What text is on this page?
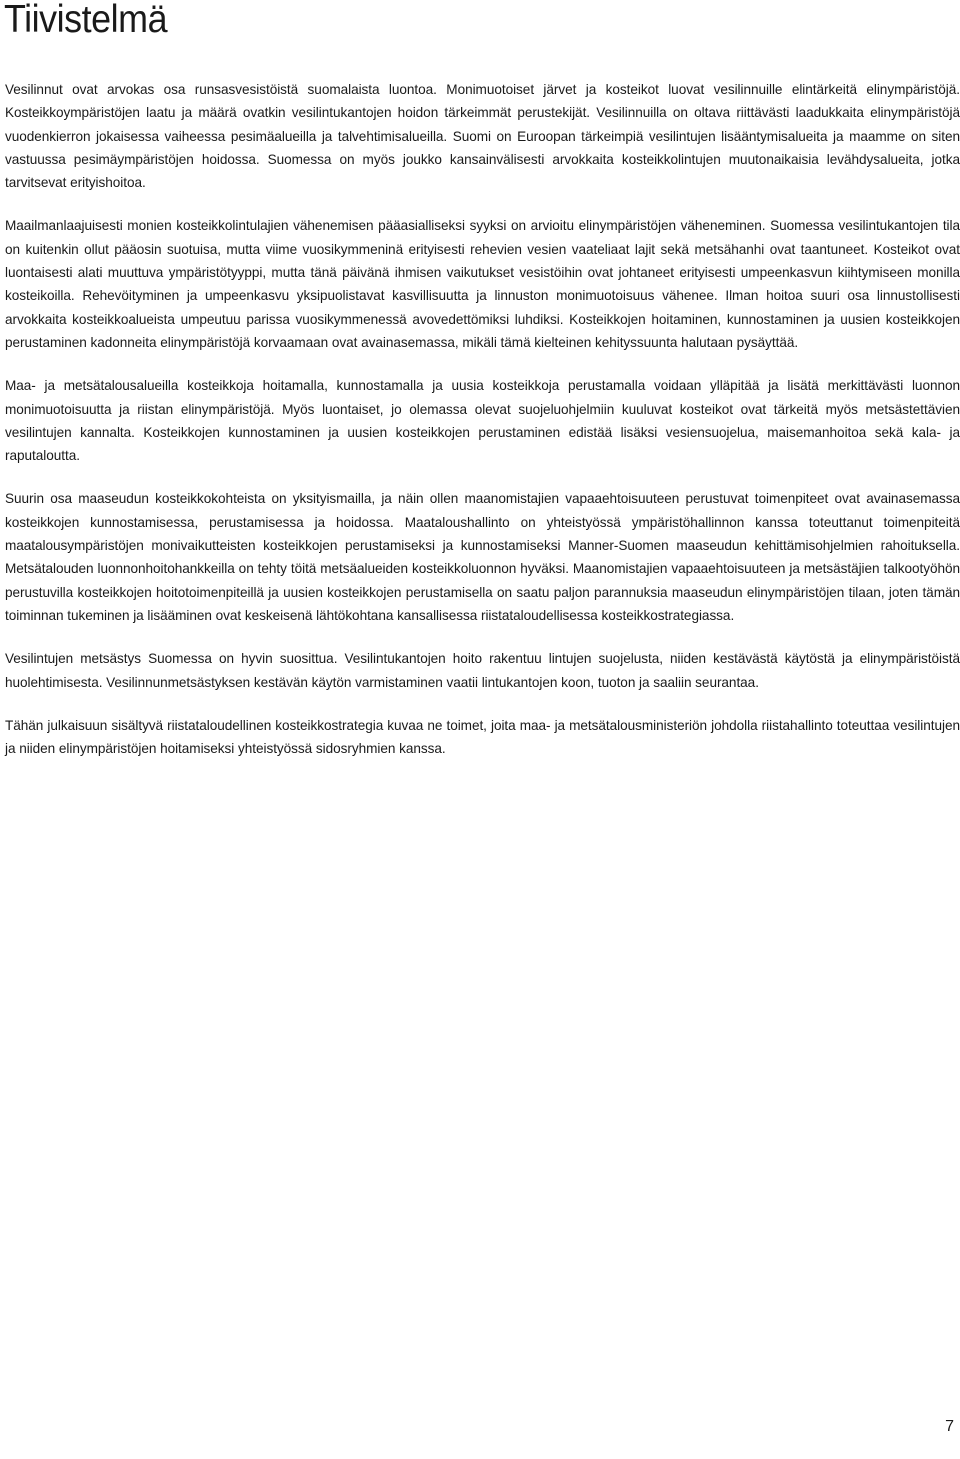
Tiivistelmä

Vesilinnut ovat arvokas osa runsasvesistöistä suomalaista luontoa. Monimuotoiset järvet ja kosteikot luovat vesilinnuille elintärkeitä elinympäristöjä. Kosteikkoympäristöjen laatu ja määrä ovatkin vesilintukantojen hoidon tärkeimmät perustekijät. Vesilinnuilla on oltava riittävästi laadukkaita elinympäristöjä vuodenkierron jokaisessa vaiheessa pesimäalueilla ja talvehtimisalueilla. Suomi on Euroopan tärkeimpiä vesilintujen lisääntymisalueita ja maamme on siten vastuussa pesimäympäristöjen hoidossa. Suomessa on myös joukko kansainvälisesti arvokkaita kosteikkolintujen muutonaikaisia levähdysalueita, jotka tarvitsevat erityishoitoa.

Maailmanlaajuisesti monien kosteikkolintulajien vähenemisen pääasialliseksi syyksi on arvioitu elinympäristöjen väheneminen. Suomessa vesilintukantojen tila on kuitenkin ollut pääosin suotuisa, mutta viime vuosikymmeninä erityisesti rehevien vesien vaateliaat lajit sekä metsähanhi ovat taantuneet. Kosteikot ovat luontaisesti alati muuttuva ympäristötyyppi, mutta tänä päivänä ihmisen vaikutukset vesistöihin ovat johtaneet erityisesti umpeenkasvun kiihtymiseen monilla kosteikoilla. Rehevöityminen ja umpeenkasvu yksipuolistavat kasvillisuutta ja linnuston monimuotoisuus vähenee. Ilman hoitoa suuri osa linnustollisesti arvokkaita kosteikkoalueista umpeutuu parissa vuosikymmenessä avovedettömiksi luhdiksi. Kosteikkojen hoitaminen, kunnostaminen ja uusien kosteikkojen perustaminen kadonneita elinympäristöjä korvaamaan ovat avainasemassa, mikäli tämä kielteinen kehityssuunta halutaan pysäyttää.

Maa- ja metsätalousalueilla kosteikkoja hoitamalla, kunnostamalla ja uusia kosteikkoja perustamalla voidaan ylläpitää ja lisätä merkittävästi luonnon monimuotoisuutta ja riistan elinympäristöjä. Myös luontaiset, jo olemassa olevat suojeluohjelmiin kuuluvat kosteikot ovat tärkeitä myös metsästettävien vesilintujen kannalta. Kosteikkojen kunnostaminen ja uusien kosteikkojen perustaminen edistää lisäksi vesiensuojelua, maisemanhoitoa sekä kala- ja raputaloutta.

Suurin osa maaseudun kosteikkokohteista on yksityismailla, ja näin ollen maanomistajien vapaaehtoisuuteen perustuvat toimenpiteet ovat avainasemassa kosteikkojen kunnostamisessa, perustamisessa ja hoidossa. Maataloushallinto on yhteistyössä ympäristöhallinnon kanssa toteuttanut toimenpiteitä maatalousympäristöjen monivaikutteisten kosteikkojen perustamiseksi ja kunnostamiseksi Manner-Suomen maaseudun kehittämisohjelmien rahoituksella. Metsätalouden luonnonhoitohankkeilla on tehty töitä metsäalueiden kosteikkoluonnon hyväksi. Maanomistajien vapaaehtoisuuteen ja metsästäjien talkootyöhön perustuvilla kosteikkojen hoitotoimenpiteillä ja uusien kosteikkojen perustamisella on saatu paljon parannuksia maaseudun elinympäristöjen tilaan, joten tämän toiminnan tukeminen ja lisääminen ovat keskeisenä lähtökohtana kansallisessa riistataloudellisessa kosteikkostrategiassa.

Vesilintujen metsästys Suomessa on hyvin suosittua. Vesilintukantojen hoito rakentuu lintujen suojelusta, niiden kestävästä käytöstä ja elinympäristöistä huolehtimisesta. Vesilinnunmetsästyksen kestävän käytön varmistaminen vaatii lintukantojen koon, tuoton ja saaliin seurantaa.

Tähän julkaisuun sisältyvä riistataloudellinen kosteikkostrategia kuvaa ne toimet, joita maa- ja metsätalousministeriön johdolla riistahallinto toteuttaa vesilintujen ja niiden elinympäristöjen hoitamiseksi yhteistyössä sidosryhmien kanssa.

7
